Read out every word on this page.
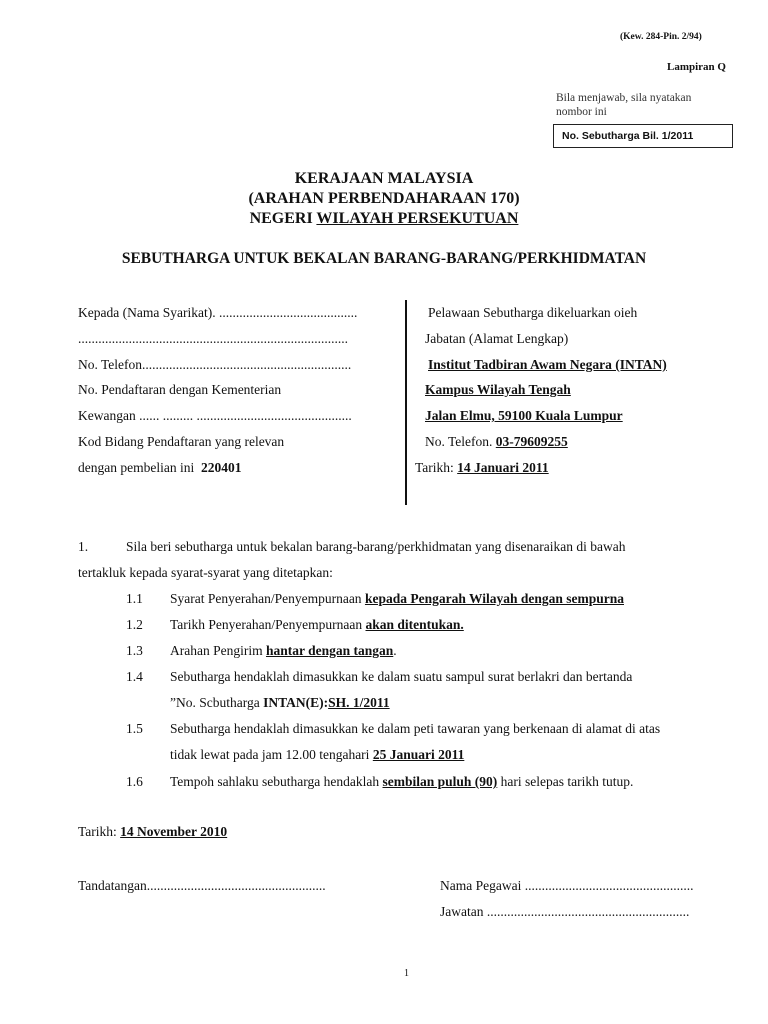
(Kew. 284-Pin. 2/94)
Lampiran Q
Bila menjawab, sila nyatakan
nombor ini
No. Sebutharga Bil. 1/2011
KERAJAAN MALAYSIA
(ARAHAN PERBENDAHARAAN 170)
NEGERI WILAYAH PERSEKUTUAN
SEBUTHARGA UNTUK BEKALAN BARANG-BARANG/PERKHIDMATAN
Kepada (Nama Syarikat). .........................................
................................................................................
No. Telefon..............................................................
No. Pendaftaran dengan Kementerian
Kewangan ...... ......... ..............................................
Kod Bidang Pendaftaran yang relevan
dengan pembelian ini 220401
Pelawaan Sebutharga dikeluarkan oieh
Jabatan (Alamat Lengkap)
Institut Tadbiran Awam Negara (INTAN)
Kampus Wilayah Tengah
Jalan Elmu, 59100 Kuala Lumpur
No. Telefon. 03-79609255
Tarikh: 14 Januari 2011
1.	Sila beri sebutharga untuk bekalan barang-barang/perkhidmatan yang disenaraikan di bawah
tertakluk kepada syarat-syarat yang ditetapkan:
1.1 Syarat Penyerahan/Penyempurnaan kepada Pengarah Wilayah dengan sempurna
1.2 Tarikh Penyerahan/Penyempurnaan akan ditentukan.
1.3 Arahan Pengirim hantar dengan tangan.
1.4 Sebutharga hendaklah dimasukkan ke dalam suatu sampul surat berlakri dan bertanda
”No. Scbutharga INTAN(E):SH. 1/2011
1.5 Sebutharga hendaklah dimasukkan ke dalam peti tawaran yang berkenaan di alamat di atas
tidak lewat pada jam 12.00 tengahari 25 Januari 2011
1.6 Tempoh sahlaku sebutharga hendaklah sembilan puluh (90) hari selepas tarikh tutup.
Tarikh: 14 November 2010
Tandatangan.....................................................	Nama Pegawai ..................................................
Jawatan ............................................................
1
